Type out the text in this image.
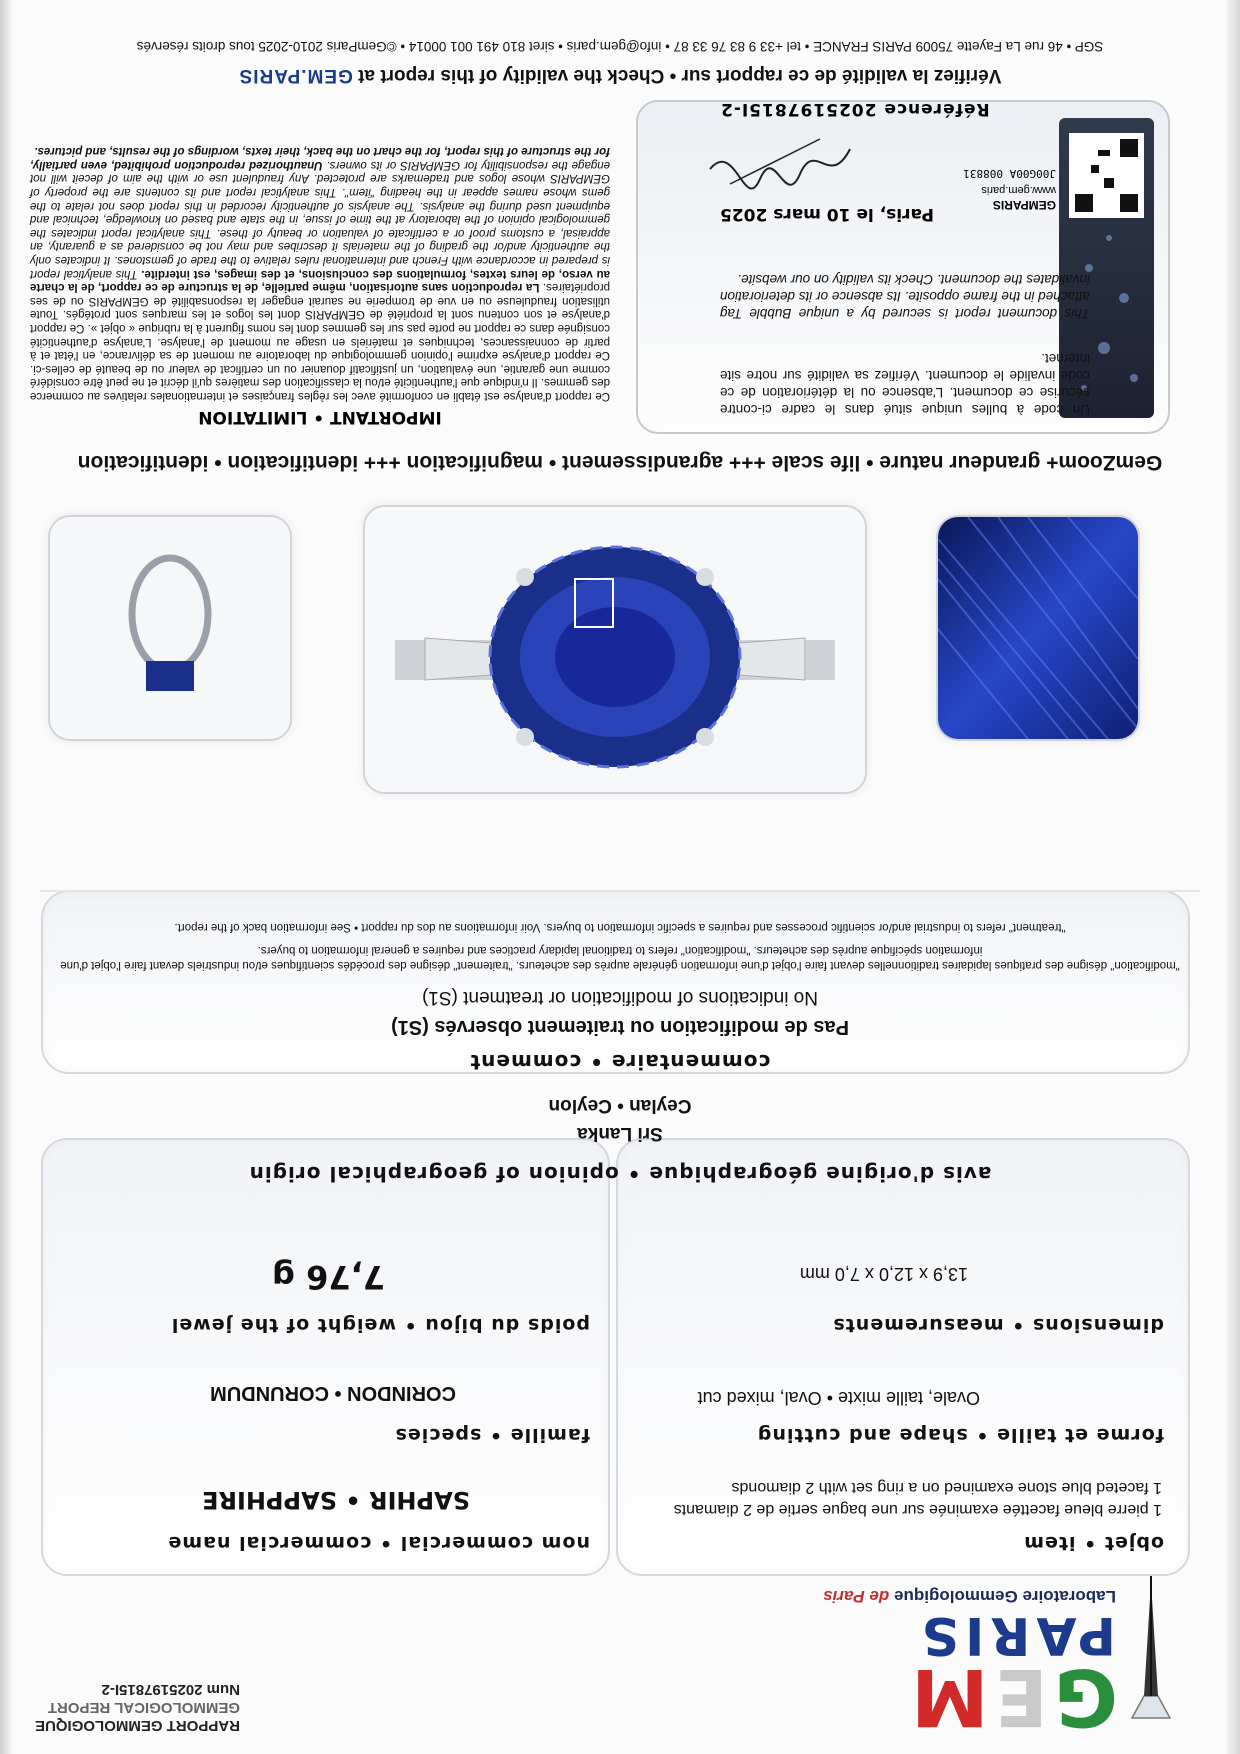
GEM
PARIS
Laboratoire Gemmologique de Paris
RAPPORT GEMMOLOGIQUE
GEMMOLOGICAL REPORT
Num 2025197815I-2
objet • item
1 pierre bleue facettée examinée sur une bague sertie de 2 diamants
1 faceted blue stone examined on a ring set with 2 diamonds
nom commercial • commercial name
SAPHIR • SAPPHIRE
forme et taille • shape and cutting
Ovale, taille mixte • Oval, mixed cut
famille • species
CORINDON • CORUNDUM
dimensions • measurements
13,9 x 12,0 x 7,0 mm
poids du bijou • weight of the jewel
7,76 g
avis d'origine géographique • opinion of geographical origin
Sri Lanka
Ceylan • Ceylon
commentaire • comment
Pas de modification ou traitement observés (S1)
No indications of modification or treatment (S1)
"modification" désigne des pratiques lapidaires traditionnelles devant faire l'objet d'une information générale auprès des acheteurs. "traitement" désigne des procédés scientifiques et/ou industriels devant faire l'objet d'une information spécifique auprès des acheteurs. "modification" refers to traditional lapidary practices and requires a general information to buyers.
"treatment" refers to industrial and/or scientific processes and requires a specific information to buyers. Voir informations au dos du rapport • See information back of the report.
GemZoom+ grandeur nature • life scale +++ agrandissement • magnification +++ identification • identification
IMPORTANT • LIMITATION
Ce rapport d'analyse est établi en conformité avec les règles françaises et internationales relatives au commerce des gemmes. Il n'indique que l'authenticité et/ou la classification des matières qu'il décrit et ne peut être considéré comme une garantie, une évaluation, un justificatif douanier ou un certificat de valeur ou de beauté de celles-ci. Ce rapport d'analyse exprime l'opinion gemmologique du laboratoire au moment de sa délivrance, en l'état et à partir de connaissances, techniques et matériels en usage au moment de l'analyse. L'analyse d'authenticité consignée dans ce rapport ne porte pas sur les gemmes dont les noms figurent à la rubrique « objet ». Ce rapport d'analyse et son contenu sont la propriété de GEMPARIS dont les logos et les marques sont protégés. Toute utilisation frauduleuse ou en vue de tromperie ne saurait engager la responsabilité de GEMPARIS ou de ses propriétaires. La reproduction sans autorisation, même partielle, de la structure de ce rapport, de la charte au verso, de leurs textes, formulations des conclusions, et des images, est interdite. This analytical report is prepared in accordance with French and international rules relative to the trade of gemstones. It indicates only the authenticity and/or the grading of the materials it describes and may not be considered as a guaranty, an appraisal, a customs proof or a certificate of valuation or beauty of these. This analytical report indicates the gemmological opinion of the laboratory at the time of issue, in the state and based on knowledge, technical and equipment used during the analysis. The analysis of authenticity recorded in this report does not relate to the gems whose names appear in the heading "item". This analytical report and its contents are the property of GEMPARIS whose logos and trademarks are protected. Any fraudulent use or with the aim of deceit will not engage the responsibility for GEMPARIS or its owners. Unauthorized reproduction prohibited, even partially, for the structure of this report, for the chart on the back, their texts, wordings of the results, and pictures.
GEMPARIS
www.gem.paris
J00G00A 008831
Un code à bulles unique situé dans le cadre ci-contre sécurise ce document. L'absence ou la détérioration de ce code invalide le document. Vérifiez sa validité sur notre site internet.
This document report is secured by a unique Bubble Tag attached in the frame opposite. Its absence or its deterioration invalidates the document. Check its validity on our website.
Paris, le 10 mars 2025
Référence 2025197815I-2
Vérifiez la validité de ce rapport sur • Check the validity of this report at GEM.PARIS
SGP • 46 rue La Fayette 75009 PARIS FRANCE • tel +33 9 83 76 33 87 • info@gem.paris • siret 810 491 001 00014 • ©GemParis 2010-2025 tous droits réservés
